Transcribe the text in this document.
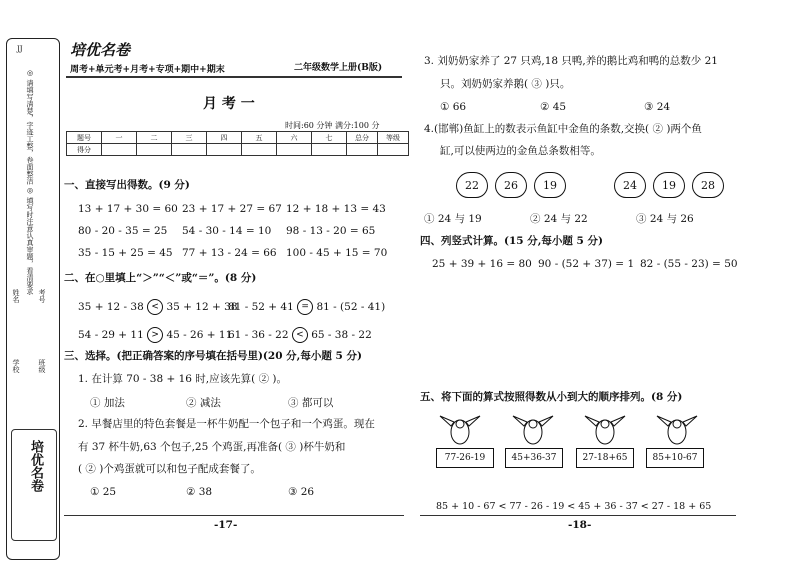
JJ
◎ 请填写清楚，字迹工整，卷面整洁 ◎ 填写时注意认真审题，看清要求
姓名	考号
学校	班级
培优名卷
培优名卷
周考+单元考+月考+专项+期中+期末	二年级数学上册(B版)
月 考 一
时间:60 分钟 满分:100 分
题号	一	二	三	四	五	六	七	总分	等级
得分									
一、直接写出得数。(9 分)
13 + 17 + 30 = 60 23 + 17 + 27 = 67 12 + 18 + 13 = 43
80 - 20 - 35 = 25 54 - 30 - 14 = 10 98 - 13 - 20 = 65
35 - 15 + 25 = 45 77 + 13 - 24 = 66 100 - 45 + 15 = 70
二、在○里填上“＞”“＜”或“＝”。(8 分)
35 + 12 - 38 < 35 + 12 + 38
81 - 52 + 41 = 81 - (52 - 41)
54 - 29 + 11 > 45 - 26 + 11
61 - 36 - 22 < 65 - 38 - 22
三、选择。(把正确答案的序号填在括号里)(20 分,每小题 5 分)
1. 在计算 70 - 38 + 16 时,应该先算( ② )。
① 加法	② 减法	③ 都可以
2. 早餐店里的特色套餐是一杯牛奶配一个包子和一个鸡蛋。现在
有 37 杯牛奶,63 个包子,25 个鸡蛋,再准备( ③ )杯牛奶和
( ② )个鸡蛋就可以和包子配成套餐了。
① 25	② 38	③ 26
-17-
3. 刘奶奶家养了 27 只鸡,18 只鸭,养的鹅比鸡和鸭的总数少 21
只。刘奶奶家养鹅( ③ )只。
① 66	② 45	③ 24
4.(邯郸)鱼缸上的数表示鱼缸中金鱼的条数,交换( ② )两个鱼
缸,可以使两边的金鱼总条数相等。
22	26	19	24	19	28
① 24 与 19	② 24 与 22	③ 24 与 26
四、列竖式计算。(15 分,每小题 5 分)
25 + 39 + 16 = 80 90 - (52 + 37) = 1 82 - (55 - 23) = 50
五、将下面的算式按照得数从小到大的顺序排列。(8 分)
77-26-19	45+36-37	27-18+65	85+10-67
85 + 10 - 67 < 77 - 26 - 19 < 45 + 36 - 37 < 27 - 18 + 65
-18-
